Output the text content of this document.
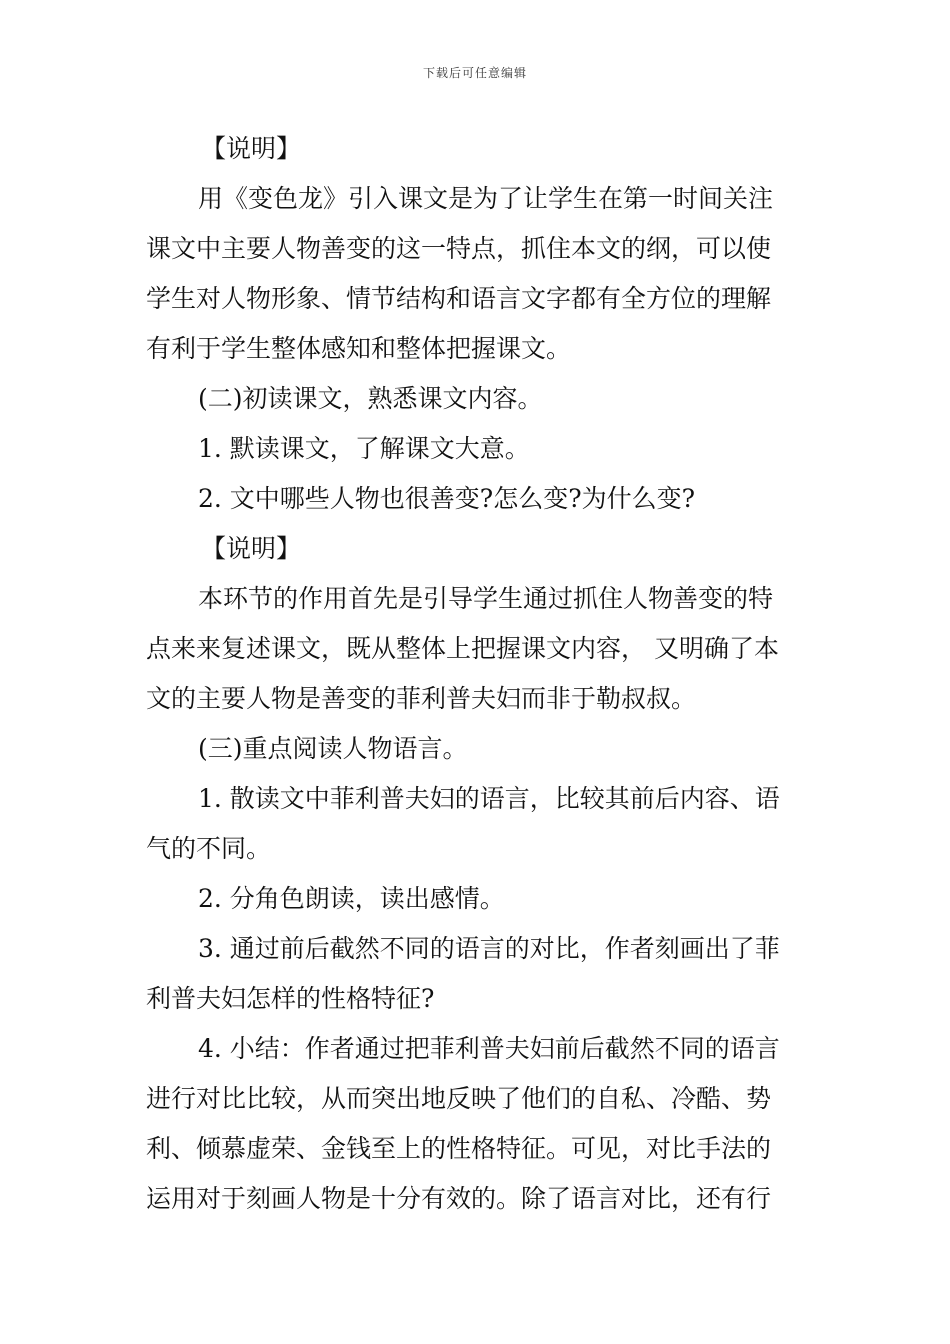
下载后可任意编辑
【说明】
用《变色龙》引入课文是为了让学生在第一时间关注
课文中主要人物善变的这一特点，抓住本文的纲，可以使
学生对人物形象、情节结构和语言文字都有全方位的理解
有利于学生整体感知和整体把握课文。
(二)初读课文，熟悉课文内容。
1. 默读课文，了解课文大意。
2. 文中哪些人物也很善变?怎么变?为什么变?
【说明】
本环节的作用首先是引导学生通过抓住人物善变的特
点来来复述课文，既从整体上把握课文内容， 又明确了本
文的主要人物是善变的菲利普夫妇而非于勒叔叔。
(三)重点阅读人物语言。
1. 散读文中菲利普夫妇的语言，比较其前后内容、语
气的不同。
2. 分角色朗读，读出感情。
3. 通过前后截然不同的语言的对比，作者刻画出了菲
利普夫妇怎样的性格特征?
4. 小结：作者通过把菲利普夫妇前后截然不同的语言
进行对比比较，从而突出地反映了他们的自私、冷酷、势
利、倾慕虚荣、金钱至上的性格特征。可见，对比手法的
运用对于刻画人物是十分有效的。除了语言对比，还有行
